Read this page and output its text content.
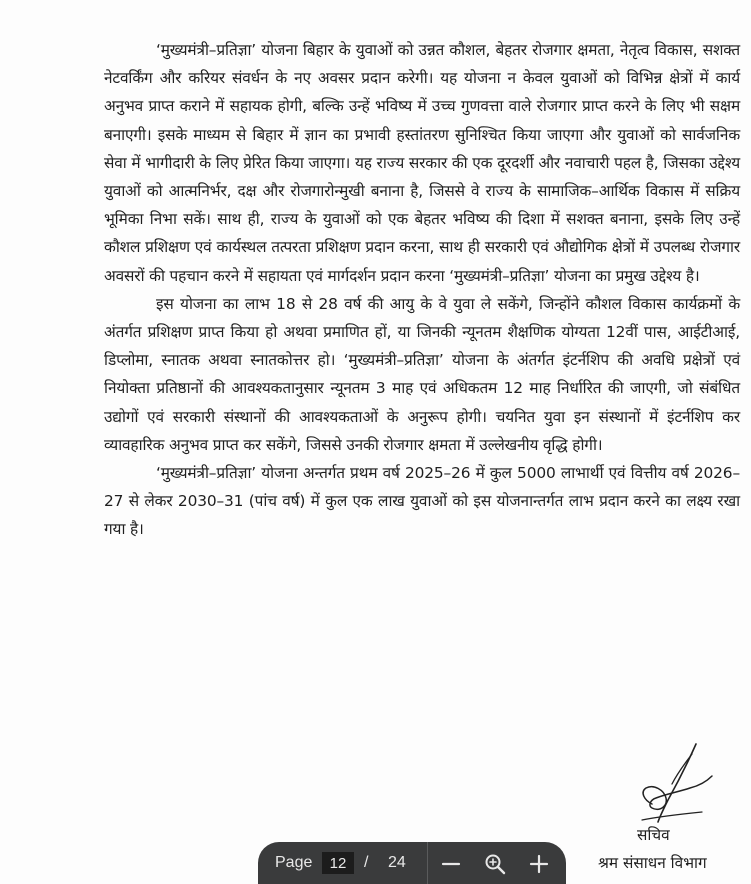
‘मुख्यमंत्री–प्रतिज्ञा’ योजना बिहार के युवाओं को उन्नत कौशल, बेहतर रोजगार क्षमता, नेतृत्व विकास, सशक्त नेटवर्किंग और करियर संवर्धन के नए अवसर प्रदान करेगी। यह योजना न केवल युवाओं को विभिन्न क्षेत्रों में कार्य अनुभव प्राप्त कराने में सहायक होगी, बल्कि उन्हें भविष्य में उच्च गुणवत्ता वाले रोजगार प्राप्त करने के लिए भी सक्षम बनाएगी। इसके माध्यम से बिहार में ज्ञान का प्रभावी हस्तांतरण सुनिश्चित किया जाएगा और युवाओं को सार्वजनिक सेवा में भागीदारी के लिए प्रेरित किया जाएगा। यह राज्य सरकार की एक दूरदर्शी और नवाचारी पहल है, जिसका उद्देश्य युवाओं को आत्मनिर्भर, दक्ष और रोजगारोन्मुखी बनाना है, जिससे वे राज्य के सामाजिक–आर्थिक विकास में सक्रिय भूमिका निभा सकें। साथ ही, राज्य के युवाओं को एक बेहतर भविष्य की दिशा में सशक्त बनाना, इसके लिए उन्हें कौशल प्रशिक्षण एवं कार्यस्थल तत्परता प्रशिक्षण प्रदान करना, साथ ही सरकारी एवं औद्योगिक क्षेत्रों में उपलब्ध रोजगार अवसरों की पहचान करने में सहायता एवं मार्गदर्शन प्रदान करना ‘मुख्यमंत्री–प्रतिज्ञा’ योजना का प्रमुख उद्देश्य है।

इस योजना का लाभ 18 से 28 वर्ष की आयु के वे युवा ले सकेंगे, जिन्होंने कौशल विकास कार्यक्रमों के अंतर्गत प्रशिक्षण प्राप्त किया हो अथवा प्रमाणित हों, या जिनकी न्यूनतम शैक्षणिक योग्यता 12वीं पास, आईटीआई, डिप्लोमा, स्नातक अथवा स्नातकोत्तर हो। ‘मुख्यमंत्री–प्रतिज्ञा’ योजना के अंतर्गत इंटर्नशिप की अवधि प्रक्षेत्रों एवं नियोक्ता प्रतिष्ठानों की आवश्यकतानुसार न्यूनतम 3 माह एवं अधिकतम 12 माह निर्धारित की जाएगी, जो संबंधित उद्योगों एवं सरकारी संस्थानों की आवश्यकताओं के अनुरूप होगी। चयनित युवा इन संस्थानों में इंटर्नशिप कर व्यावहारिक अनुभव प्राप्त कर सकेंगे, जिससे उनकी रोजगार क्षमता में उल्लेखनीय वृद्धि होगी।

‘मुख्यमंत्री–प्रतिज्ञा’ योजना अन्तर्गत प्रथम वर्ष 2025–26 में कुल 5000 लाभार्थी एवं वित्तीय वर्ष 2026–27 से लेकर 2030–31 (पांच वर्ष) में कुल एक लाख युवाओं को इस योजनान्तर्गत लाभ प्रदान करने का लक्ष्य रखा गया है।

सचिव
श्रम संसाधन विभाग
Page
12	/ 24
